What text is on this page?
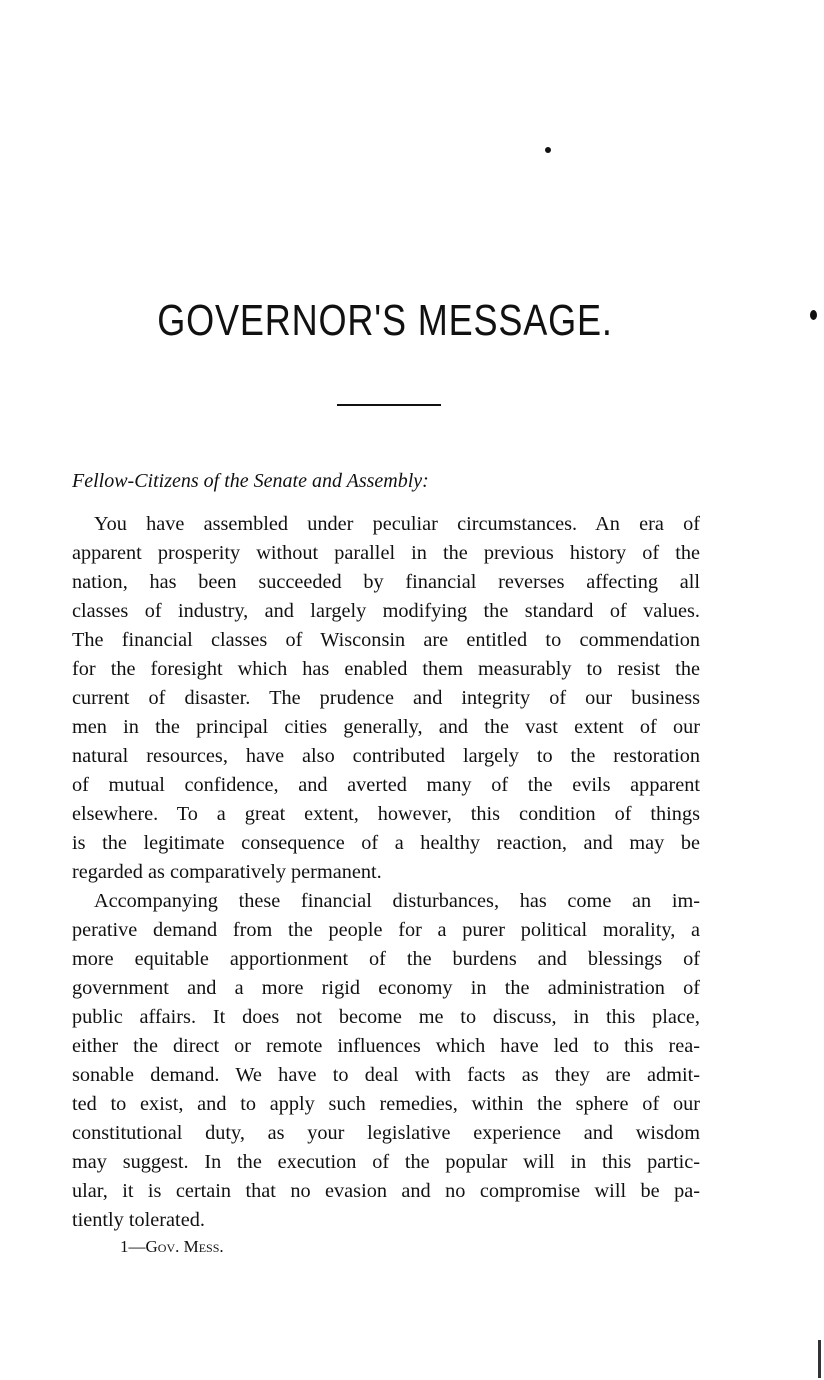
GOVERNOR'S MESSAGE.

Fellow-Citizens of the Senate and Assembly:

You have assembled under peculiar circumstances. An era of
apparent prosperity without parallel in the previous history of the
nation, has been succeeded by financial reverses affecting all
classes of industry, and largely modifying the standard of values.
The financial classes of Wisconsin are entitled to commendation
for the foresight which has enabled them measurably to resist the
current of disaster. The prudence and integrity of our business
men in the principal cities generally, and the vast extent of our
natural resources, have also contributed largely to the restoration
of mutual confidence, and averted many of the evils apparent
elsewhere. To a great extent, however, this condition of things
is the legitimate consequence of a healthy reaction, and may be
regarded as comparatively permanent.

Accompanying these financial disturbances, has come an im-
perative demand from the people for a purer political morality, a
more equitable apportionment of the burdens and blessings of
government and a more rigid economy in the administration of
public affairs. It does not become me to discuss, in this place,
either the direct or remote influences which have led to this rea-
sonable demand. We have to deal with facts as they are admit-
ted to exist, and to apply such remedies, within the sphere of our
constitutional duty, as your legislative experience and wisdom
may suggest. In the execution of the popular will in this partic-
ular, it is certain that no evasion and no compromise will be pa-
tiently tolerated.

1—Gov. Mess.
